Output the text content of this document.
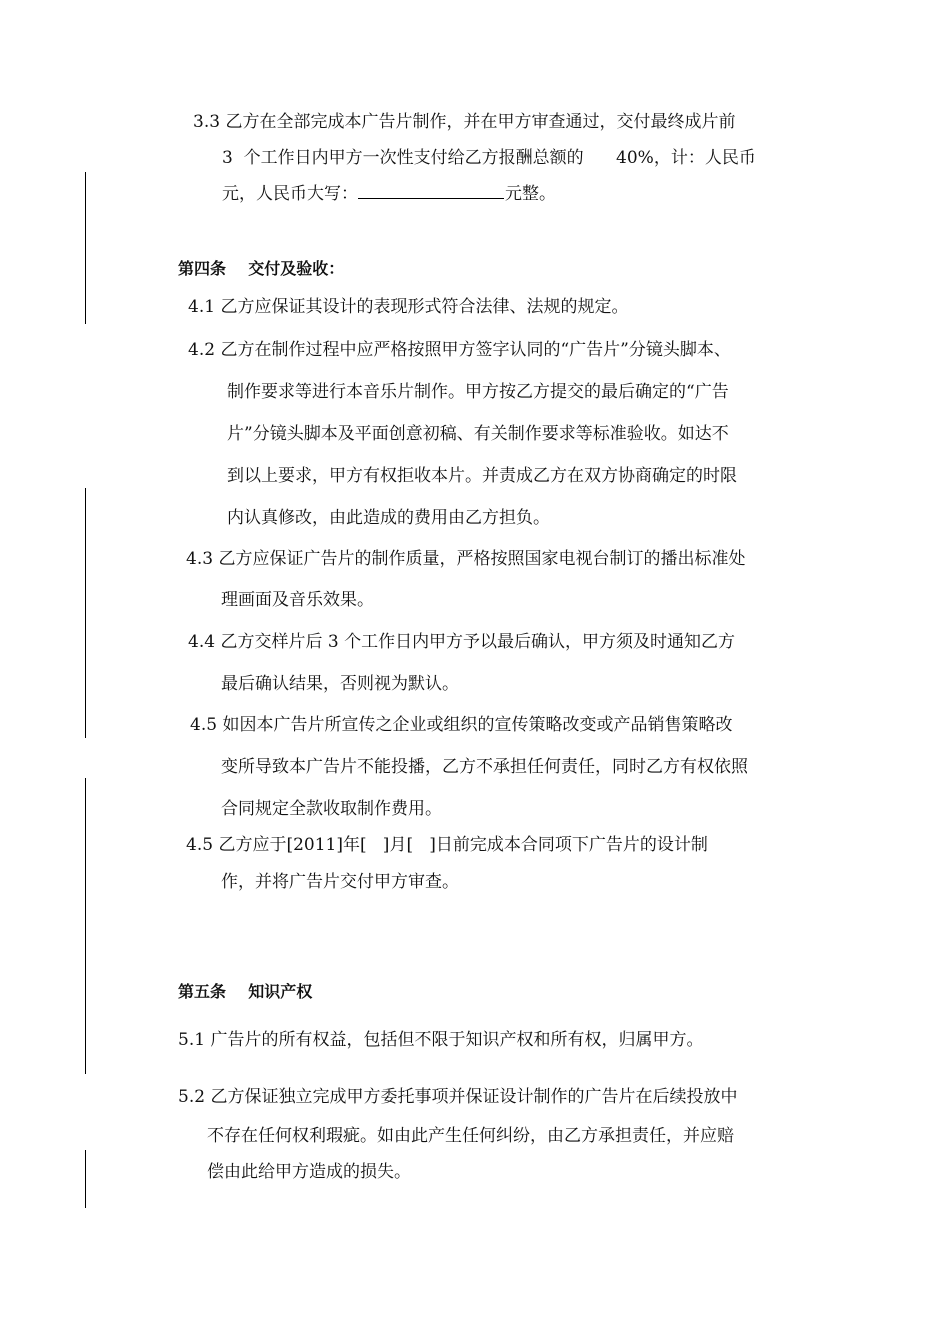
3.3 乙方在全部完成本广告片制作，并在甲方审查通过，交付最终成片前
3  个工作日内甲方一次性支付给乙方报酬总额的      40%，计：人民币
元，人民币大写：	元整。
第四条    交付及验收：
4.1 乙方应保证其设计的表现形式符合法律、法规的规定。
4.2 乙方在制作过程中应严格按照甲方签字认同的“广告片”分镜头脚本、
制作要求等进行本音乐片制作。甲方按乙方提交的最后确定的“广告
片”分镜头脚本及平面创意初稿、有关制作要求等标准验收。如达不
到以上要求，甲方有权拒收本片。并责成乙方在双方协商确定的时限
内认真修改，由此造成的费用由乙方担负。
4.3 乙方应保证广告片的制作质量，严格按照国家电视台制订的播出标准处
理画面及音乐效果。
4.4 乙方交样片后 3 个工作日内甲方予以最后确认，甲方须及时通知乙方
最后确认结果，否则视为默认。
4.5 如因本广告片所宣传之企业或组织的宣传策略改变或产品销售策略改
变所导致本广告片不能投播，乙方不承担任何责任，同时乙方有权依照
合同规定全款收取制作费用。
4.5 乙方应于[2011]年[   ]月[   ]日前完成本合同项下广告片的设计制
作，并将广告片交付甲方审查。
第五条    知识产权
5.1 广告片的所有权益，包括但不限于知识产权和所有权，归属甲方。
5.2 乙方保证独立完成甲方委托事项并保证设计制作的广告片在后续投放中
不存在任何权利瑕疵。如由此产生任何纠纷，由乙方承担责任，并应赔
偿由此给甲方造成的损失。
